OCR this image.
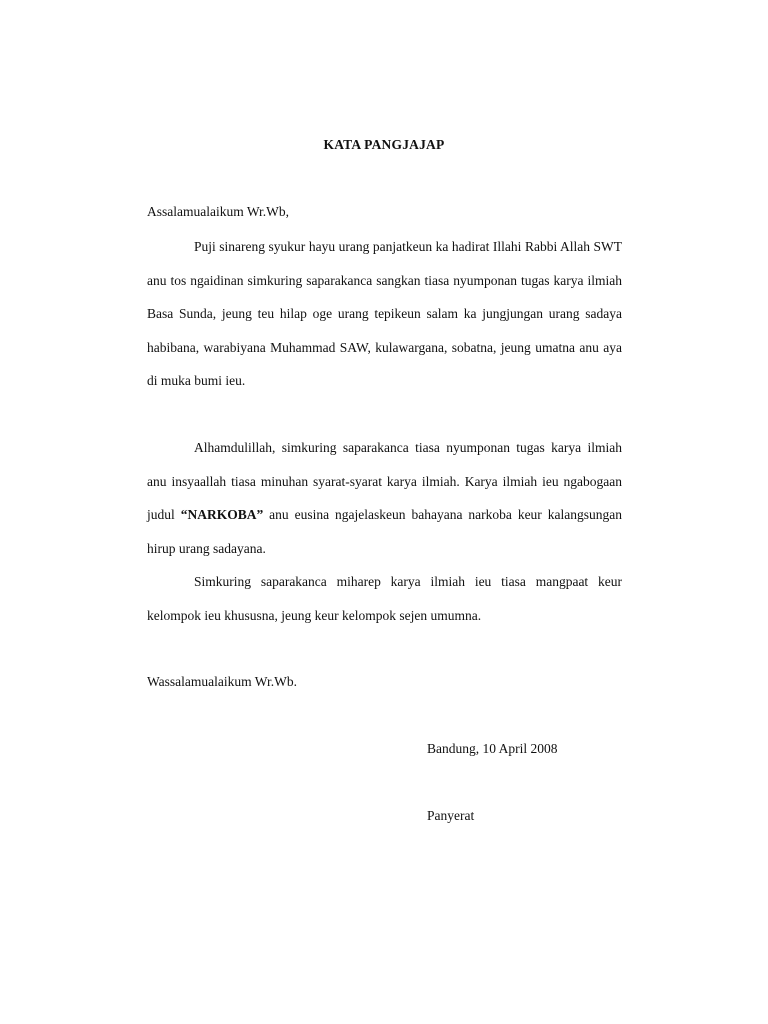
KATA PANGJAJAP

Assalamualaikum Wr.Wb,

Puji sinareng syukur hayu urang panjatkeun ka hadirat Illahi Rabbi Allah SWT anu tos ngaidinan simkuring saparakanca sangkan tiasa nyumponan tugas karya ilmiah Basa Sunda, jeung teu hilap oge urang tepikeun salam ka jungjungan urang sadaya habibana, warabiyana Muhammad SAW, kulawargana, sobatna, jeung umatna anu aya di muka bumi ieu.

Alhamdulillah, simkuring saparakanca tiasa nyumponan tugas karya ilmiah anu insyaallah tiasa minuhan syarat-syarat karya ilmiah. Karya ilmiah ieu ngabogaan judul “NARKOBA” anu eusina ngajelaskeun bahayana narkoba keur kalangsungan hirup urang sadayana.

Simkuring saparakanca miharep karya ilmiah ieu tiasa mangpaat keur kelompok ieu khususna, jeung keur kelompok sejen umumna.

Wassalamualaikum Wr.Wb.

Bandung, 10 April 2008

Panyerat
